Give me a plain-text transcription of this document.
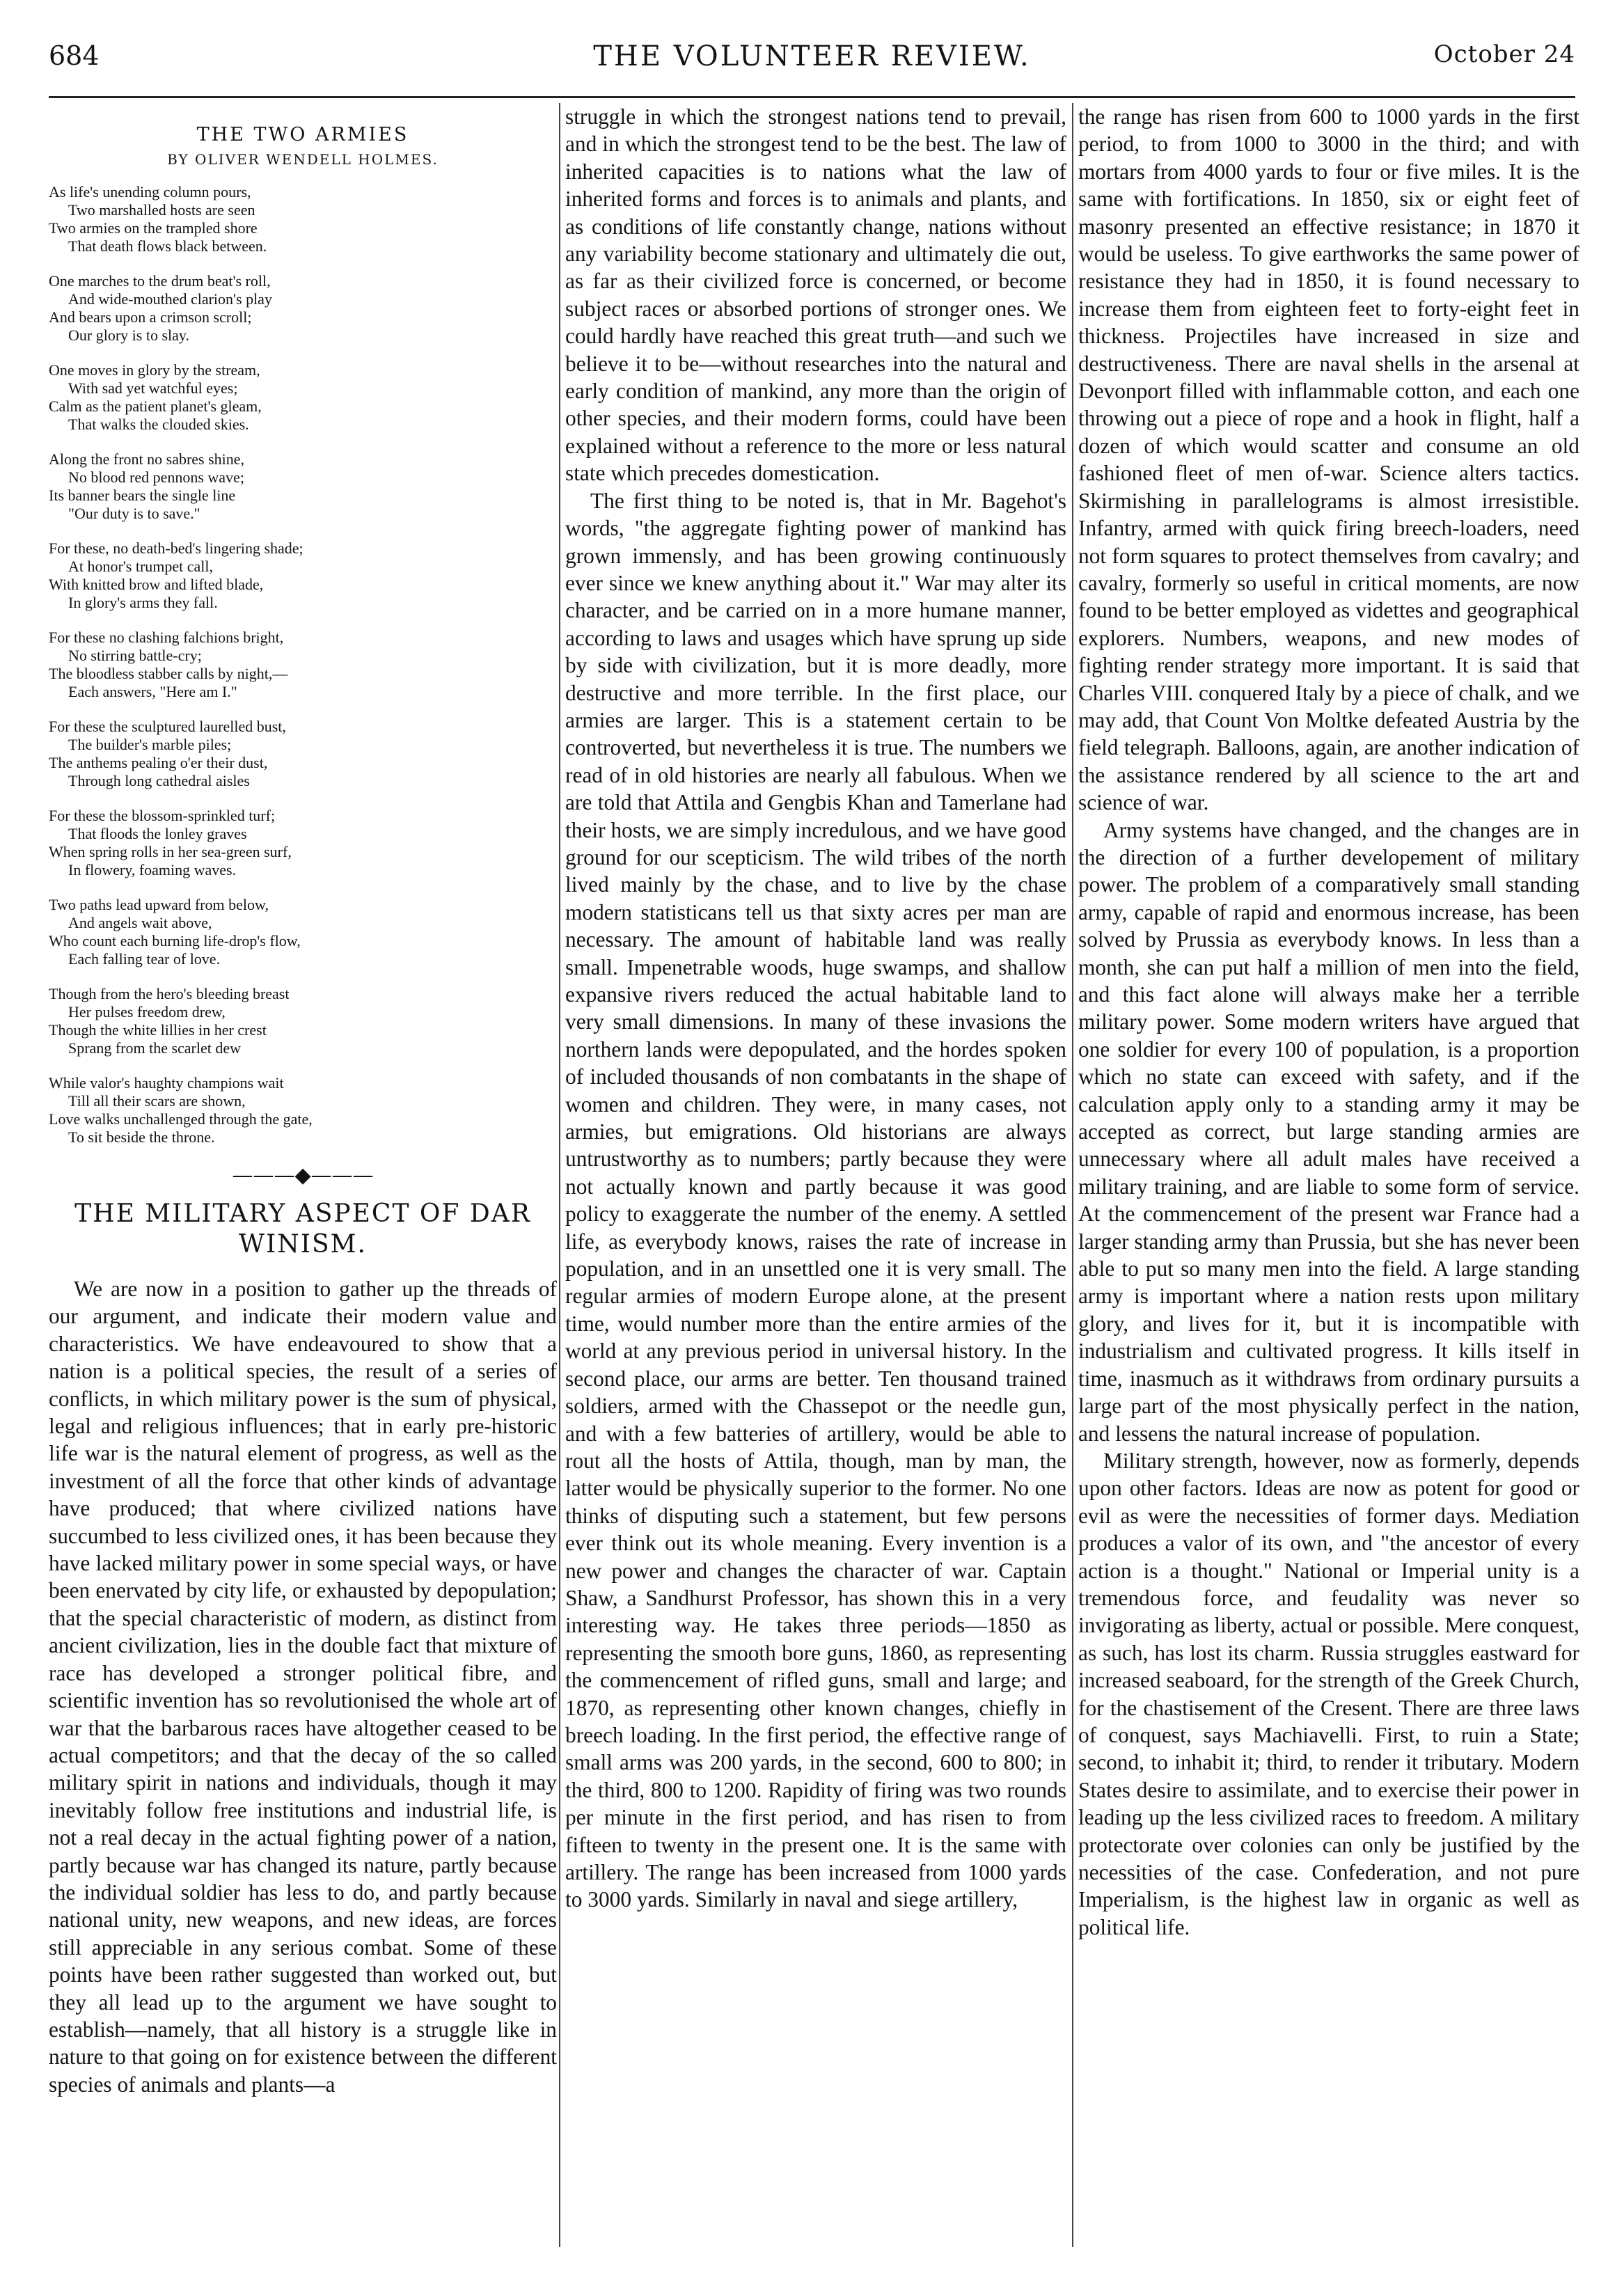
684	THE VOLUNTEER REVIEW.	October 24
THE TWO ARMIES
BY OLIVER WENDELL HOLMES.
As life's unending column pours,
Two marshalled hosts are seen
Two armies on the trampled shore
That death flows black between.
One marches to the drum beat's roll,
And wide-mouthed clarion's play
And bears upon a crimson scroll;
Our glory is to slay.
One moves in glory by the stream,
With sad yet watchful eyes;
Calm as the patient planet's gleam,
That walks the clouded skies.
Along the front no sabres shine,
No blood red pennons wave;
Its banner bears the single line
"Our duty is to save."
For these, no death-bed's lingering shade;
At honor's trumpet call,
With knitted brow and lifted blade,
In glory's arms they fall.
For these no clashing falchions bright,
No stirring battle-cry;
The bloodless stabber calls by night,—
Each answers, "Here am I."
For these the sculptured laurelled bust,
The builder's marble piles;
The anthems pealing o'er their dust,
Through long cathedral aisles
For these the blossom-sprinkled turf;
That floods the lonley graves
When spring rolls in her sea-green surf,
In flowery, foaming waves.
Two paths lead upward from below,
And angels wait above,
Who count each burning life-drop's flow,
Each falling tear of love.
Though from the hero's bleeding breast
Her pulses freedom drew,
Though the white lillies in her crest
Sprang from the scarlet dew
While valor's haughty champions wait
Till all their scars are shown,
Love walks unchallenged through the gate,
To sit beside the throne.
———◆———
THE MILITARY ASPECT OF DAR
WINISM.

We are now in a position to gather up the threads of our argument, and indicate their modern value and characteristics. We have endeavoured to show that a nation is a political species, the result of a series of conflicts, in which military power is the sum of physical, legal and religious influences; that in early pre-historic life war is the natural element of progress, as well as the investment of all the force that other kinds of advantage have produced; that where civilized nations have succumbed to less civilized ones, it has been because they have lacked military power in some special ways, or have been enervated by city life, or exhausted by depopulation; that the special characteristic of modern, as distinct from ancient civilization, lies in the double fact that mixture of race has developed a stronger political fibre, and scientific invention has so revolutionised the whole art of war that the barbarous races have altogether ceased to be actual competitors; and that the decay of the so called military spirit in nations and individuals, though it may inevitably follow free institutions and industrial life, is not a real decay in the actual fighting power of a nation, partly because war has changed its nature, partly because the individual soldier has less to do, and partly because national unity, new weapons, and new ideas, are forces still appreciable in any serious combat. Some of these points have been rather suggested than worked out, but they all lead up to the argument we have sought to establish—namely, that all history is a struggle like in nature to that going on for existence between the different species of animals and plants—a

struggle in which the strongest nations tend to prevail, and in which the strongest tend to be the best. The law of inherited capacities is to nations what the law of inherited forms and forces is to animals and plants, and as conditions of life constantly change, nations without any variability become stationary and ultimately die out, as far as their civilized force is concerned, or become subject races or absorbed portions of stronger ones. We could hardly have reached this great truth—and such we believe it to be—without researches into the natural and early condition of mankind, any more than the origin of other species, and their modern forms, could have been explained without a reference to the more or less natural state which precedes domestication.

The first thing to be noted is, that in Mr. Bagehot's words, "the aggregate fighting power of mankind has grown immensly, and has been growing continuously ever since we knew anything about it." War may alter its character, and be carried on in a more humane manner, according to laws and usages which have sprung up side by side with civilization, but it is more deadly, more destructive and more terrible. In the first place, our armies are larger. This is a statement certain to be controverted, but nevertheless it is true. The numbers we read of in old histories are nearly all fabulous. When we are told that Attila and Gengbis Khan and Tamerlane had their hosts, we are simply incredulous, and we have good ground for our scepticism. The wild tribes of the north lived mainly by the chase, and to live by the chase modern statisticans tell us that sixty acres per man are necessary. The amount of habitable land was really small. Impenetrable woods, huge swamps, and shallow expansive rivers reduced the actual habitable land to very small dimensions. In many of these invasions the northern lands were depopulated, and the hordes spoken of included thousands of non combatants in the shape of women and children. They were, in many cases, not armies, but emigrations. Old historians are always untrustworthy as to numbers; partly because they were not actually known and partly because it was good policy to exaggerate the number of the enemy. A settled life, as everybody knows, raises the rate of increase in population, and in an unsettled one it is very small. The regular armies of modern Europe alone, at the present time, would number more than the entire armies of the world at any previous period in universal history. In the second place, our arms are better. Ten thousand trained soldiers, armed with the Chassepot or the needle gun, and with a few batteries of artillery, would be able to rout all the hosts of Attila, though, man by man, the latter would be physically superior to the former. No one thinks of disputing such a statement, but few persons ever think out its whole meaning. Every invention is a new power and changes the character of war. Captain Shaw, a Sandhurst Professor, has shown this in a very interesting way. He takes three periods—1850 as representing the smooth bore guns, 1860, as representing the commencement of rifled guns, small and large; and 1870, as representing other known changes, chiefly in breech loading. In the first period, the effective range of small arms was 200 yards, in the second, 600 to 800; in the third, 800 to 1200. Rapidity of firing was two rounds per minute in the first period, and has risen to from fifteen to twenty in the present one. It is the same with artillery. The range has been increased from 1000 yards to 3000 yards. Similarly in naval and siege artillery,

the range has risen from 600 to 1000 yards in the first period, to from 1000 to 3000 in the third; and with mortars from 4000 yards to four or five miles. It is the same with fortifications. In 1850, six or eight feet of masonry presented an effective resistance; in 1870 it would be useless. To give earthworks the same power of resistance they had in 1850, it is found necessary to increase them from eighteen feet to forty-eight feet in thickness. Projectiles have increased in size and destructiveness. There are naval shells in the arsenal at Devonport filled with inflammable cotton, and each one throwing out a piece of rope and a hook in flight, half a dozen of which would scatter and consume an old fashioned fleet of men of-war. Science alters tactics. Skirmishing in parallelograms is almost irresistible. Infantry, armed with quick firing breech-loaders, need not form squares to protect themselves from cavalry; and cavalry, formerly so useful in critical moments, are now found to be better employed as videttes and geographical explorers. Numbers, weapons, and new modes of fighting render strategy more important. It is said that Charles VIII. conquered Italy by a piece of chalk, and we may add, that Count Von Moltke defeated Austria by the field telegraph. Balloons, again, are another indication of the assistance rendered by all science to the art and science of war.

Army systems have changed, and the changes are in the direction of a further developement of military power. The problem of a comparatively small standing army, capable of rapid and enormous increase, has been solved by Prussia as everybody knows. In less than a month, she can put half a million of men into the field, and this fact alone will always make her a terrible military power. Some modern writers have argued that one soldier for every 100 of population, is a proportion which no state can exceed with safety, and if the calculation apply only to a standing army it may be accepted as correct, but large standing armies are unnecessary where all adult males have received a military training, and are liable to some form of service. At the commencement of the present war France had a larger standing army than Prussia, but she has never been able to put so many men into the field. A large standing army is important where a nation rests upon military glory, and lives for it, but it is incompatible with industrialism and cultivated progress. It kills itself in time, inasmuch as it withdraws from ordinary pursuits a large part of the most physically perfect in the nation, and lessens the natural increase of population.

Military strength, however, now as formerly, depends upon other factors. Ideas are now as potent for good or evil as were the necessities of former days. Mediation produces a valor of its own, and "the ancestor of every action is a thought." National or Imperial unity is a tremendous force, and feudality was never so invigorating as liberty, actual or possible. Mere conquest, as such, has lost its charm. Russia struggles eastward for increased seaboard, for the strength of the Greek Church, for the chastisement of the Cresent. There are three laws of conquest, says Machiavelli. First, to ruin a State; second, to inhabit it; third, to render it tributary. Modern States desire to assimilate, and to exercise their power in leading up the less civilized races to freedom. A military protectorate over colonies can only be justified by the necessities of the case. Confederation, and not pure Imperialism, is the highest law in organic as well as political life.
